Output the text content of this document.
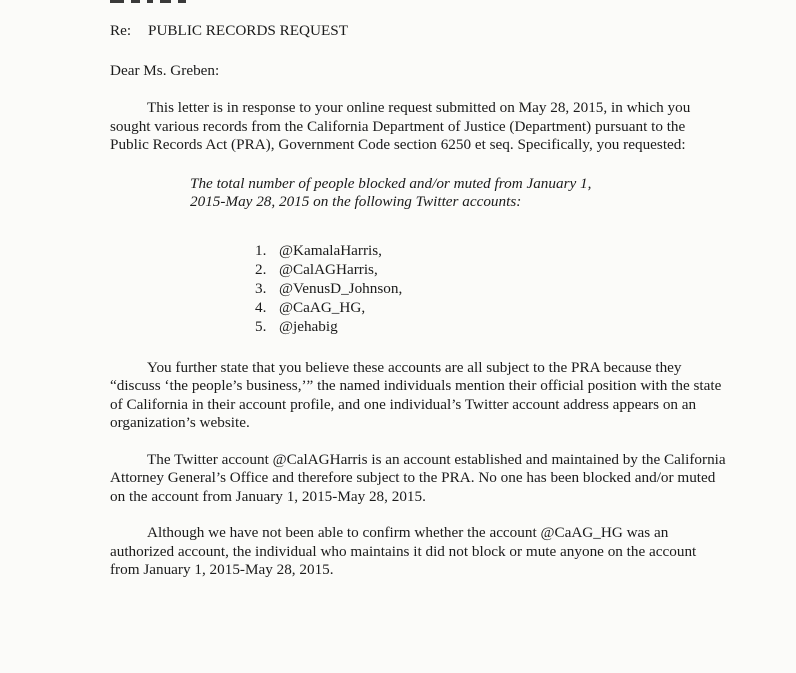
Re: PUBLIC RECORDS REQUEST
Dear Ms. Greben:
This letter is in response to your online request submitted on May 28, 2015, in which you sought various records from the California Department of Justice (Department) pursuant to the Public Records Act (PRA), Government Code section 6250 et seq. Specifically, you requested:
The total number of people blocked and/or muted from January 1,
2015-May 28, 2015 on the following Twitter accounts:
1. @KamalaHarris,
2. @CalAGHarris,
3. @VenusD_Johnson,
4. @CaAG_HG,
5. @jehabig
You further state that you believe these accounts are all subject to the PRA because they “discuss ‘the people’s business,’” the named individuals mention their official position with the state of California in their account profile, and one individual’s Twitter account address appears on an organization’s website.
The Twitter account @CalAGHarris is an account established and maintained by the California Attorney General’s Office and therefore subject to the PRA. No one has been blocked and/or muted on the account from January 1, 2015-May 28, 2015.
Although we have not been able to confirm whether the account @CaAG_HG was an authorized account, the individual who maintains it did not block or mute anyone on the account from January 1, 2015-May 28, 2015.
